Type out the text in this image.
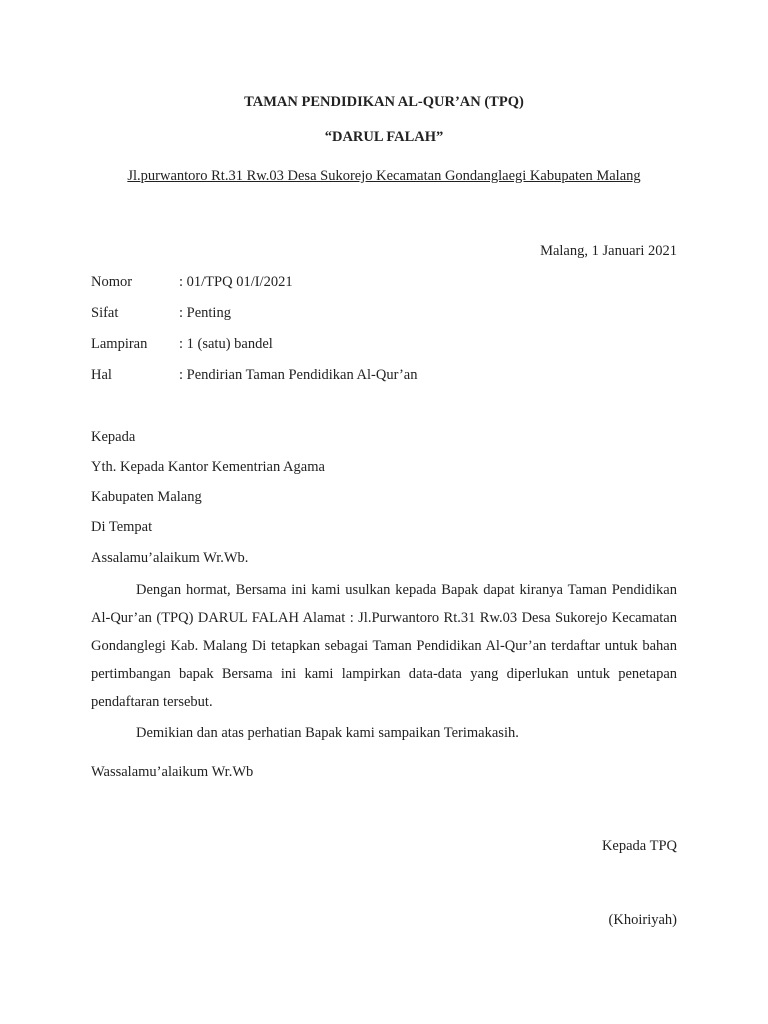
TAMAN PENDIDIKAN AL-QUR’AN (TPQ)
“DARUL FALAH”
Jl.purwantoro Rt.31 Rw.03 Desa Sukorejo Kecamatan Gondanglaegi Kabupaten Malang
Malang, 1 Januari 2021
Nomor	: 01/TPQ 01/I/2021
Sifat	: Penting
Lampiran : 1 (satu) bandel
Hal	: Pendirian Taman Pendidikan Al-Qur’an
Kepada
Yth. Kepada Kantor Kementrian Agama
Kabupaten Malang
Di Tempat
Assalamu’alaikum Wr.Wb.
Dengan hormat, Bersama ini kami usulkan kepada Bapak dapat kiranya Taman Pendidikan Al-Qur’an (TPQ) DARUL FALAH Alamat : Jl.Purwantoro Rt.31 Rw.03 Desa Sukorejo Kecamatan Gondanglegi Kab. Malang Di tetapkan sebagai Taman Pendidikan Al-Qur’an terdaftar untuk bahan pertimbangan bapak Bersama ini kami lampirkan data-data yang diperlukan untuk penetapan pendaftaran tersebut.
Demikian dan atas perhatian Bapak kami sampaikan Terimakasih.
Wassalamu’alaikum Wr.Wb
Kepada TPQ
(Khoiriyah)
